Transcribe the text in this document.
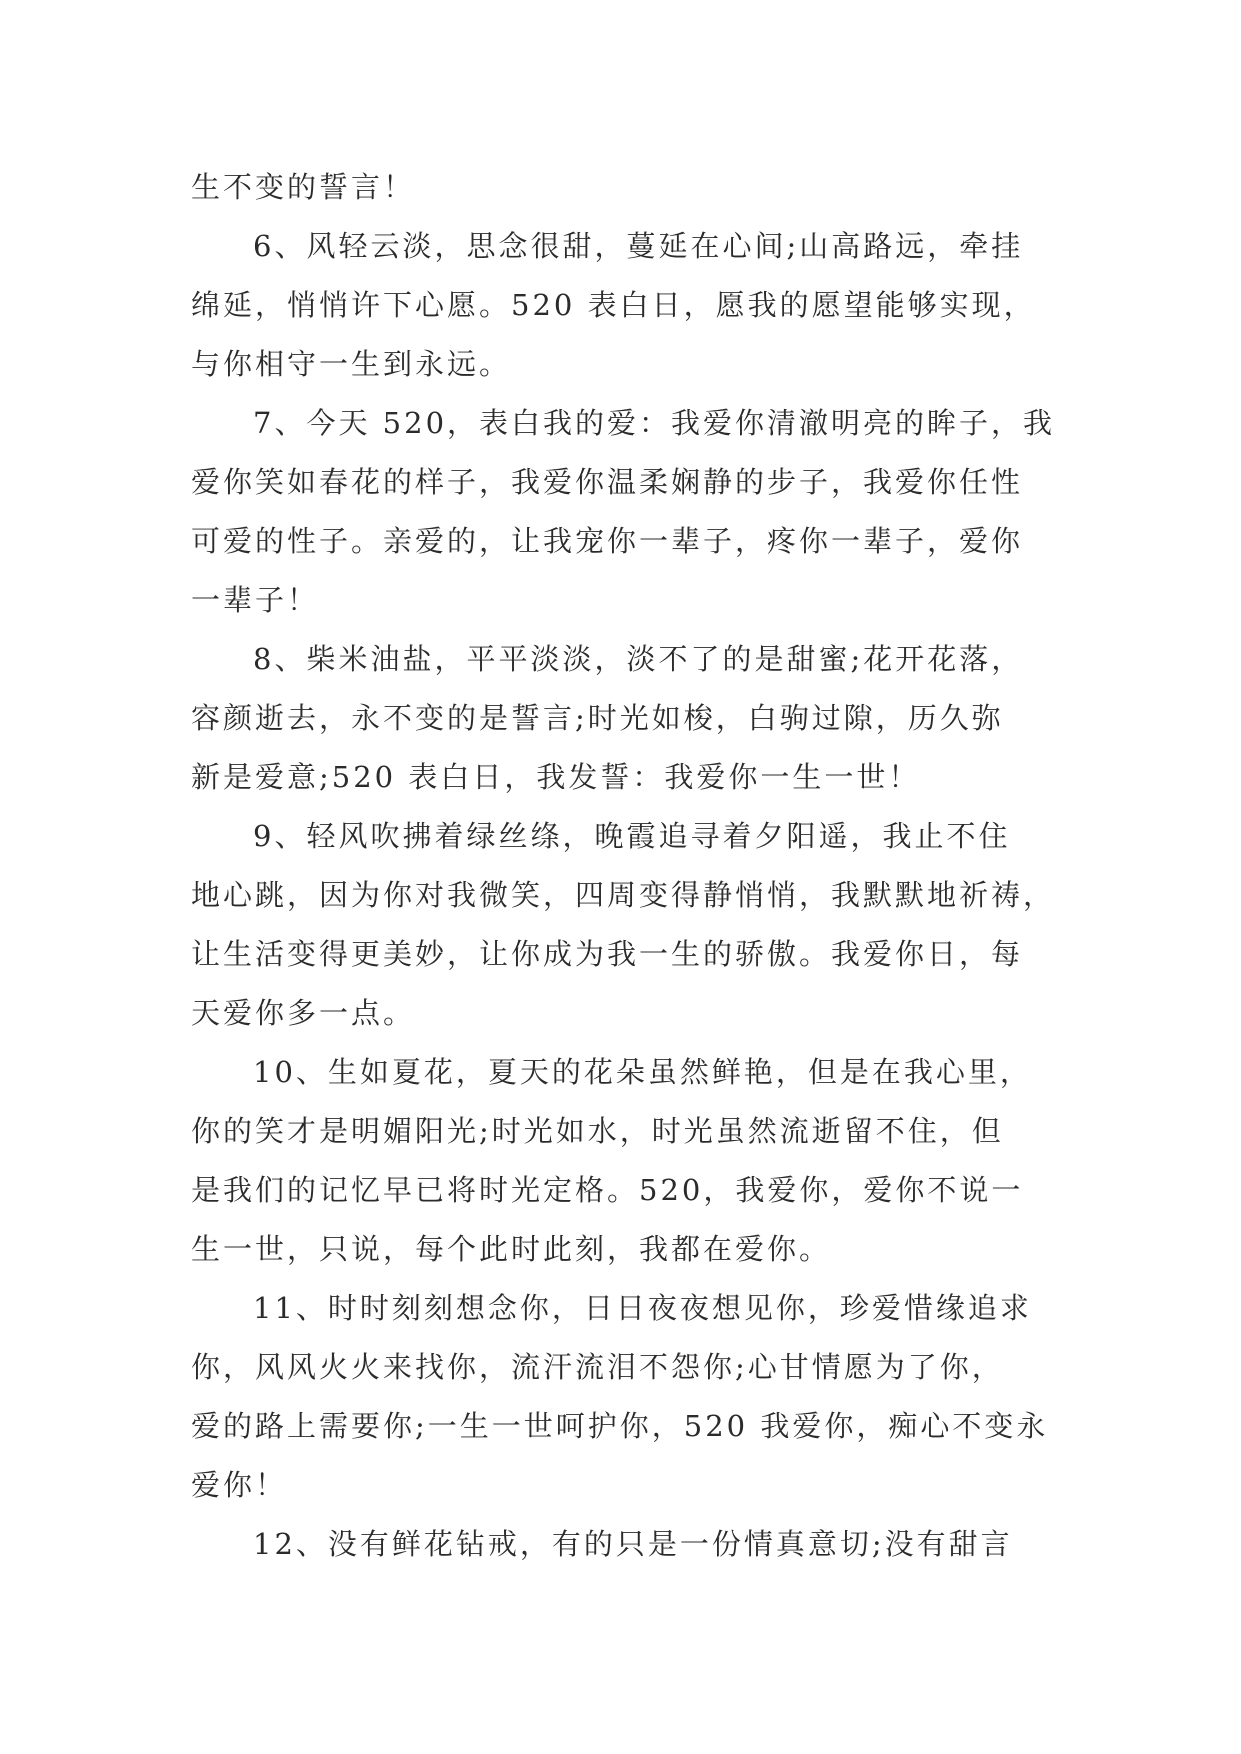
生不变的誓言！
6、风轻云淡，思念很甜，蔓延在心间;山高路远，牵挂
绵延，悄悄许下心愿。520 表白日，愿我的愿望能够实现，
与你相守一生到永远。
7、今天 520，表白我的爱：我爱你清澈明亮的眸子，我
爱你笑如春花的样子，我爱你温柔娴静的步子，我爱你任性
可爱的性子。亲爱的，让我宠你一辈子，疼你一辈子，爱你
一辈子！
8、柴米油盐，平平淡淡，淡不了的是甜蜜;花开花落，
容颜逝去，永不变的是誓言;时光如梭，白驹过隙，历久弥
新是爱意;520 表白日，我发誓：我爱你一生一世！
9、轻风吹拂着绿丝绦，晚霞追寻着夕阳遥，我止不住
地心跳，因为你对我微笑，四周变得静悄悄，我默默地祈祷，
让生活变得更美妙，让你成为我一生的骄傲。我爱你日，每
天爱你多一点。
10、生如夏花，夏天的花朵虽然鲜艳，但是在我心里，
你的笑才是明媚阳光;时光如水，时光虽然流逝留不住，但
是我们的记忆早已将时光定格。520，我爱你，爱你不说一
生一世，只说，每个此时此刻，我都在爱你。
11、时时刻刻想念你，日日夜夜想见你，珍爱惜缘追求
你，风风火火来找你，流汗流泪不怨你;心甘情愿为了你，
爱的路上需要你;一生一世呵护你，520 我爱你，痴心不变永
爱你！
12、没有鲜花钻戒，有的只是一份情真意切;没有甜言
